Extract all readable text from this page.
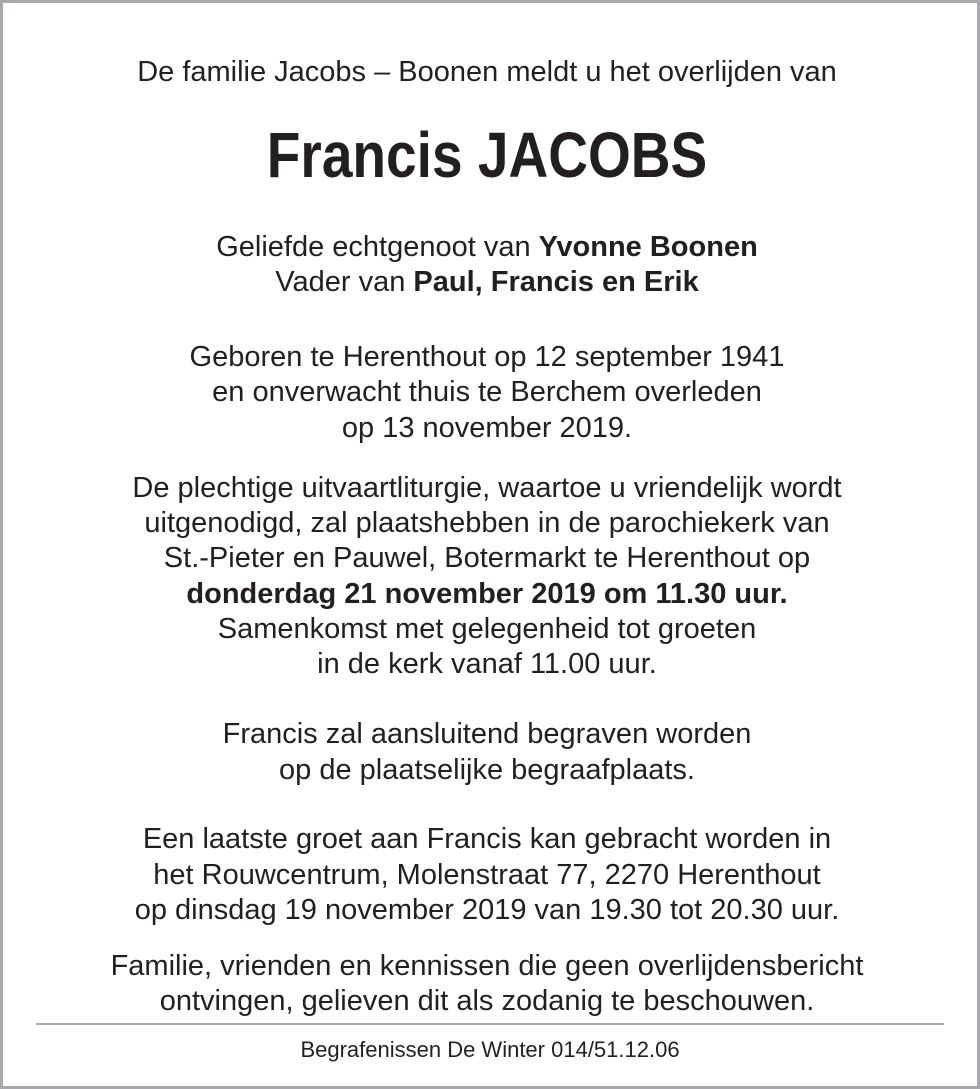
De familie Jacobs – Boonen meldt u het overlijden van
Francis JACOBS
Geliefde echtgenoot van Yvonne Boonen
Vader van Paul, Francis en Erik
Geboren te Herenthout op 12 september 1941
en onverwacht thuis te Berchem overleden
op 13 november 2019.
De plechtige uitvaartliturgie, waartoe u vriendelijk wordt
uitgenodigd, zal plaatshebben in de parochiekerk van
St.-Pieter en Pauwel, Botermarkt te Herenthout op
donderdag 21 november 2019 om 11.30 uur.
Samenkomst met gelegenheid tot groeten
in de kerk vanaf 11.00 uur.
Francis zal aansluitend begraven worden
op de plaatselijke begraafplaats.
Een laatste groet aan Francis kan gebracht worden in
het Rouwcentrum, Molenstraat 77, 2270 Herenthout
op dinsdag 19 november 2019 van 19.30 tot 20.30 uur.
Familie, vrienden en kennissen die geen overlijdensbericht
ontvingen, gelieven dit als zodanig te beschouwen.
Begrafenissen De Winter 014/51.12.06
